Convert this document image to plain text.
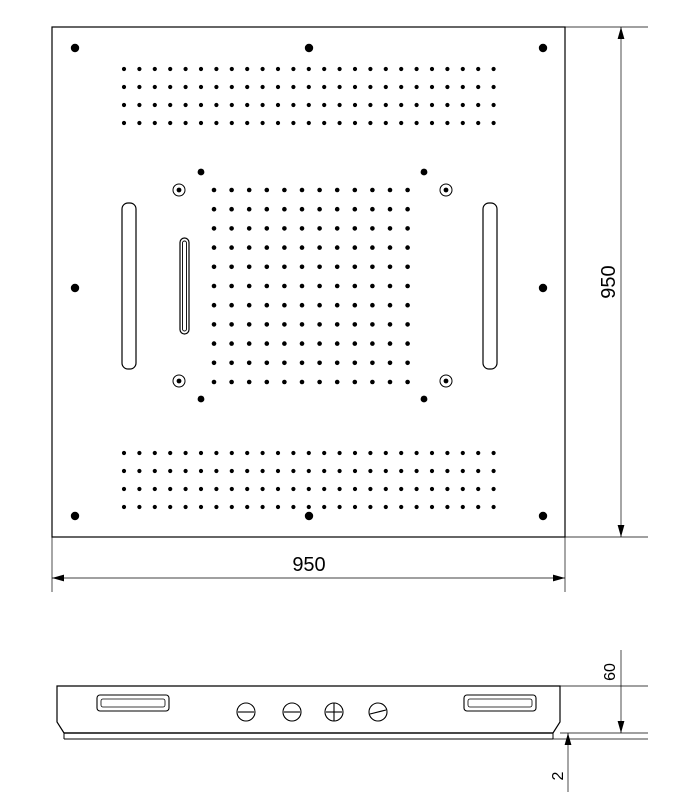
950
950
60
2
